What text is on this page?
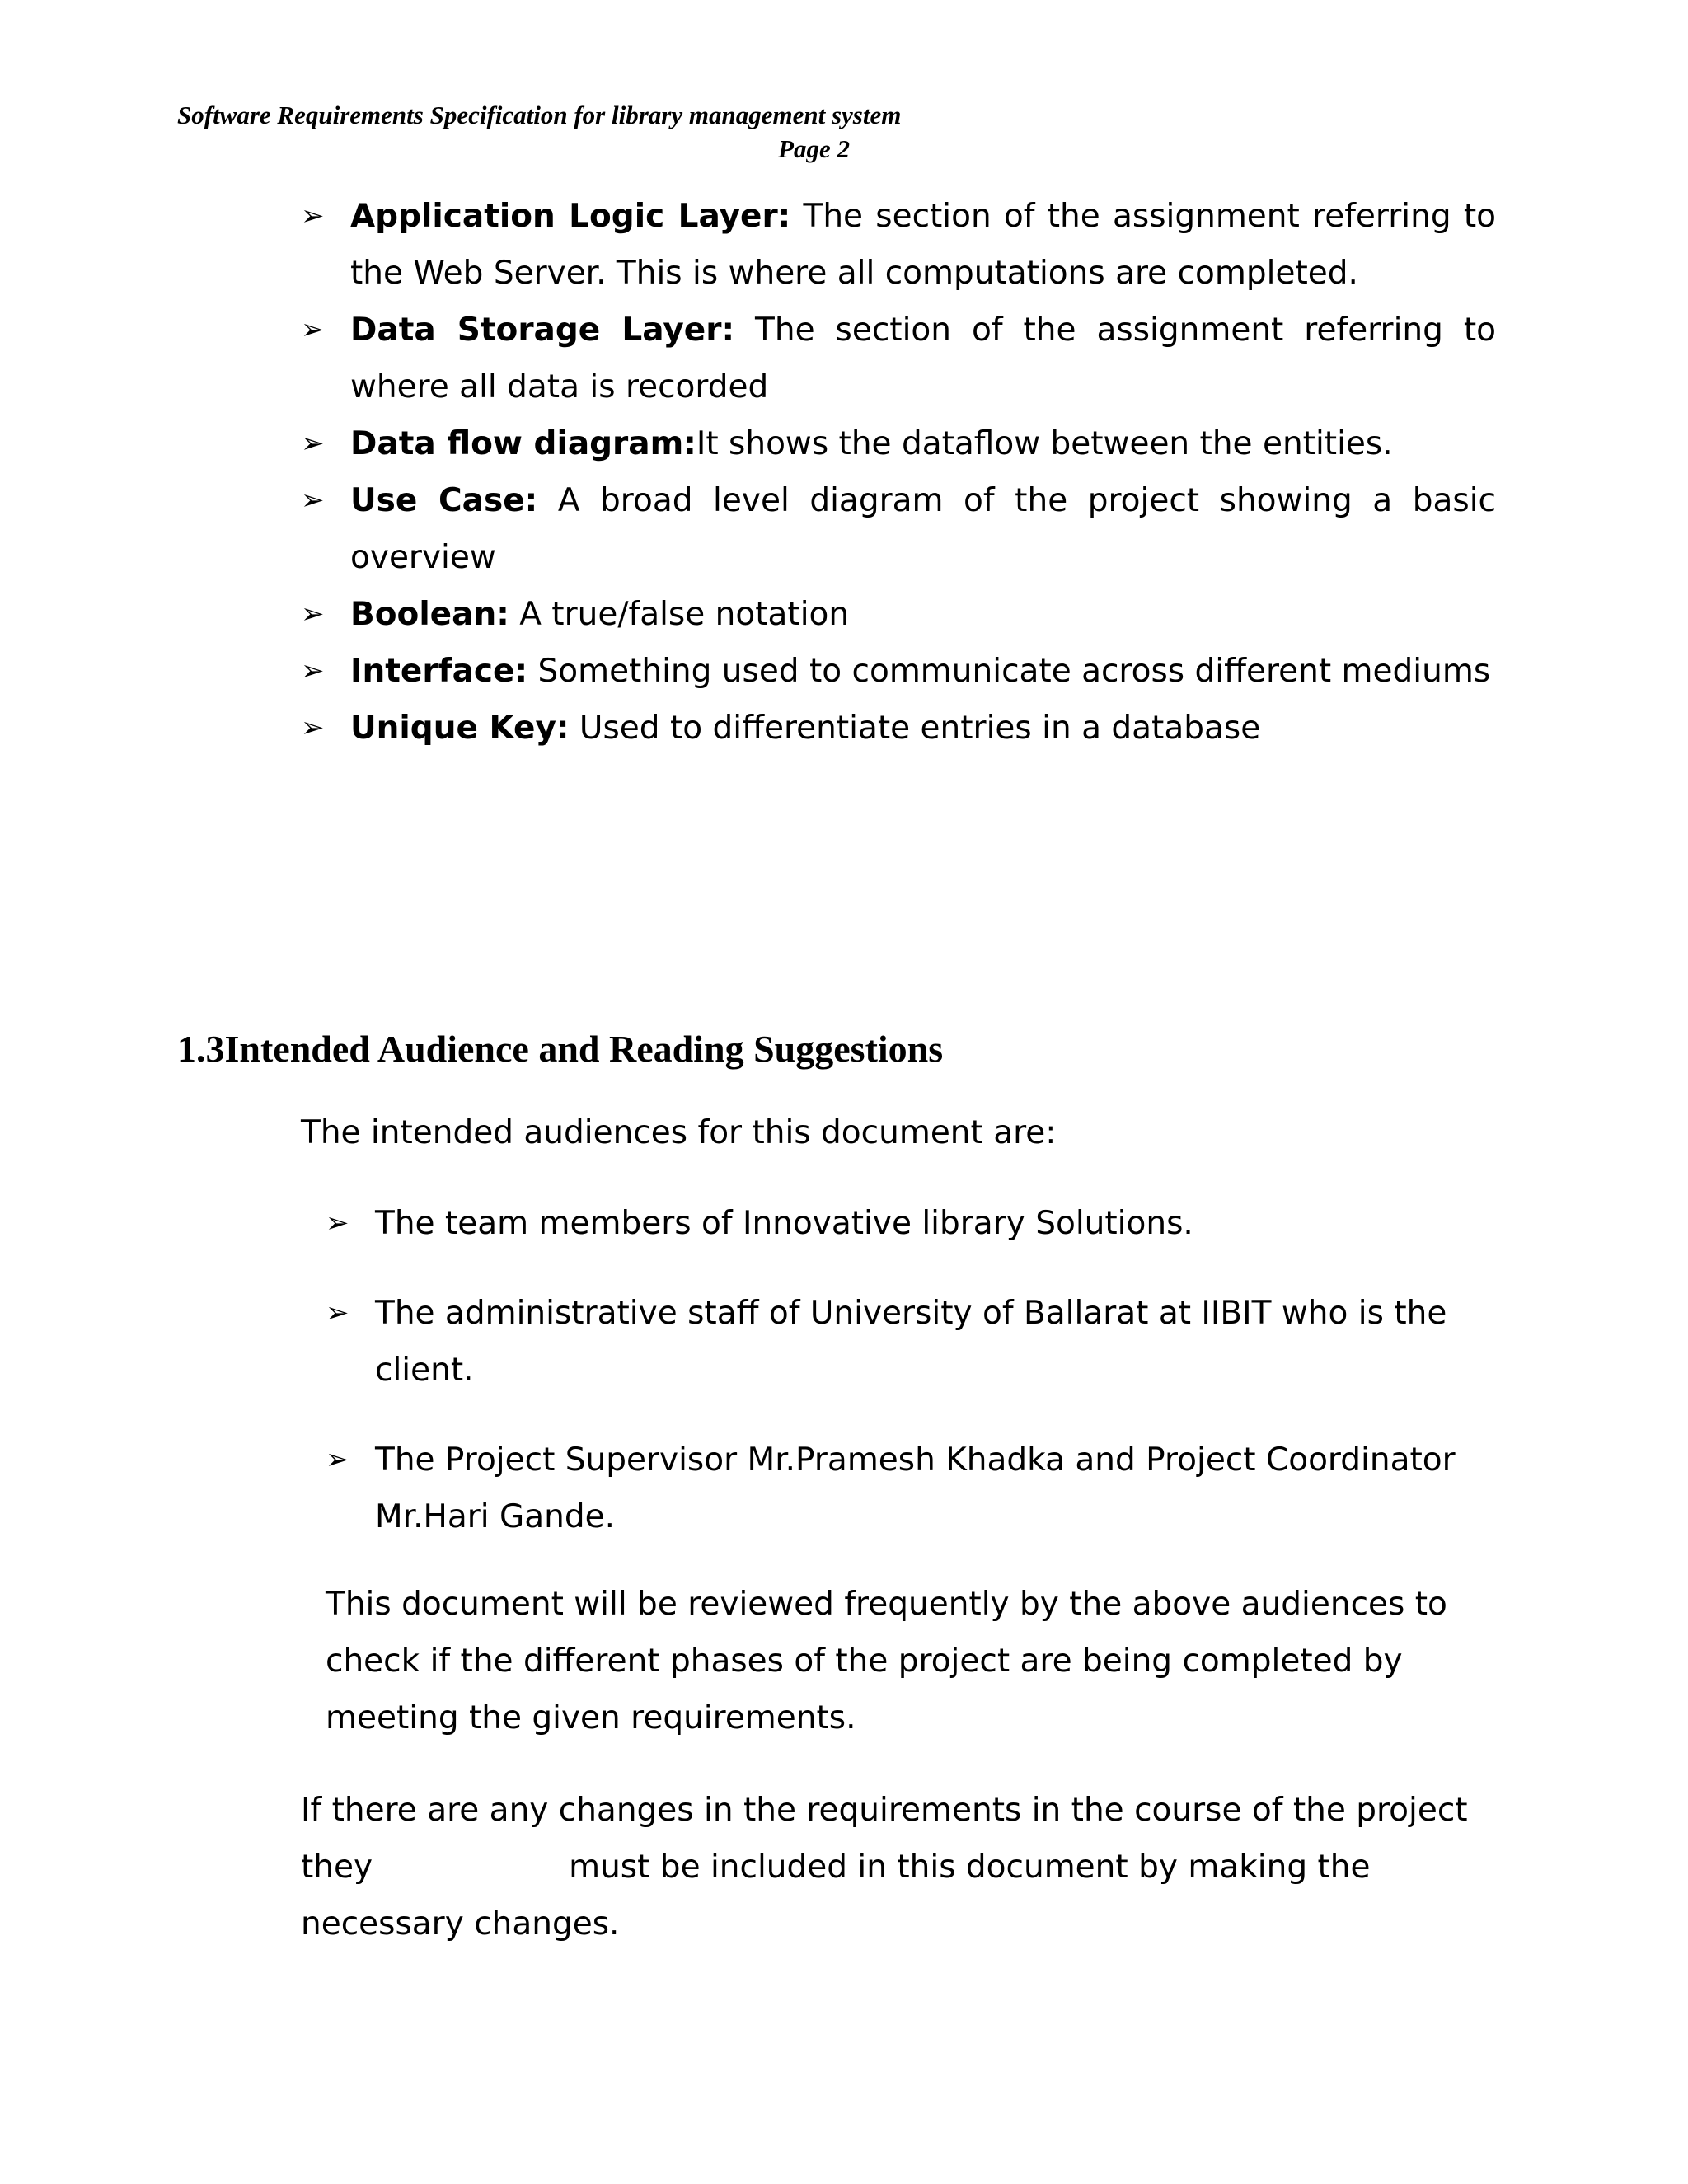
Software Requirements Specification for library management system
Page 2
➢ Application Logic Layer: The section of the assignment referring to the Web Server. This is where all computations are completed.
➢ Data Storage Layer: The section of the assignment referring to where all data is recorded
➢ Data flow diagram:It shows the dataflow between the entities.
➢ Use Case: A broad level diagram of the project showing a basic overview
➢ Boolean: A true/false notation
➢ Interface: Something used to communicate across different mediums
➢ Unique Key: Used to differentiate entries in a database
1.3Intended Audience and Reading Suggestions
The intended audiences for this document are:
➢ The team members of Innovative library Solutions.
➢ The administrative staff of University of Ballarat at IIBIT who is the client.
➢ The Project Supervisor Mr.Pramesh Khadka and Project Coordinator Mr.Hari Gande.
This document will be reviewed frequently by the above audiences to check if the different phases of the project are being completed by meeting the given requirements.
If there are any changes in the requirements in the course of the project they	must be included in this document by making the necessary changes.
